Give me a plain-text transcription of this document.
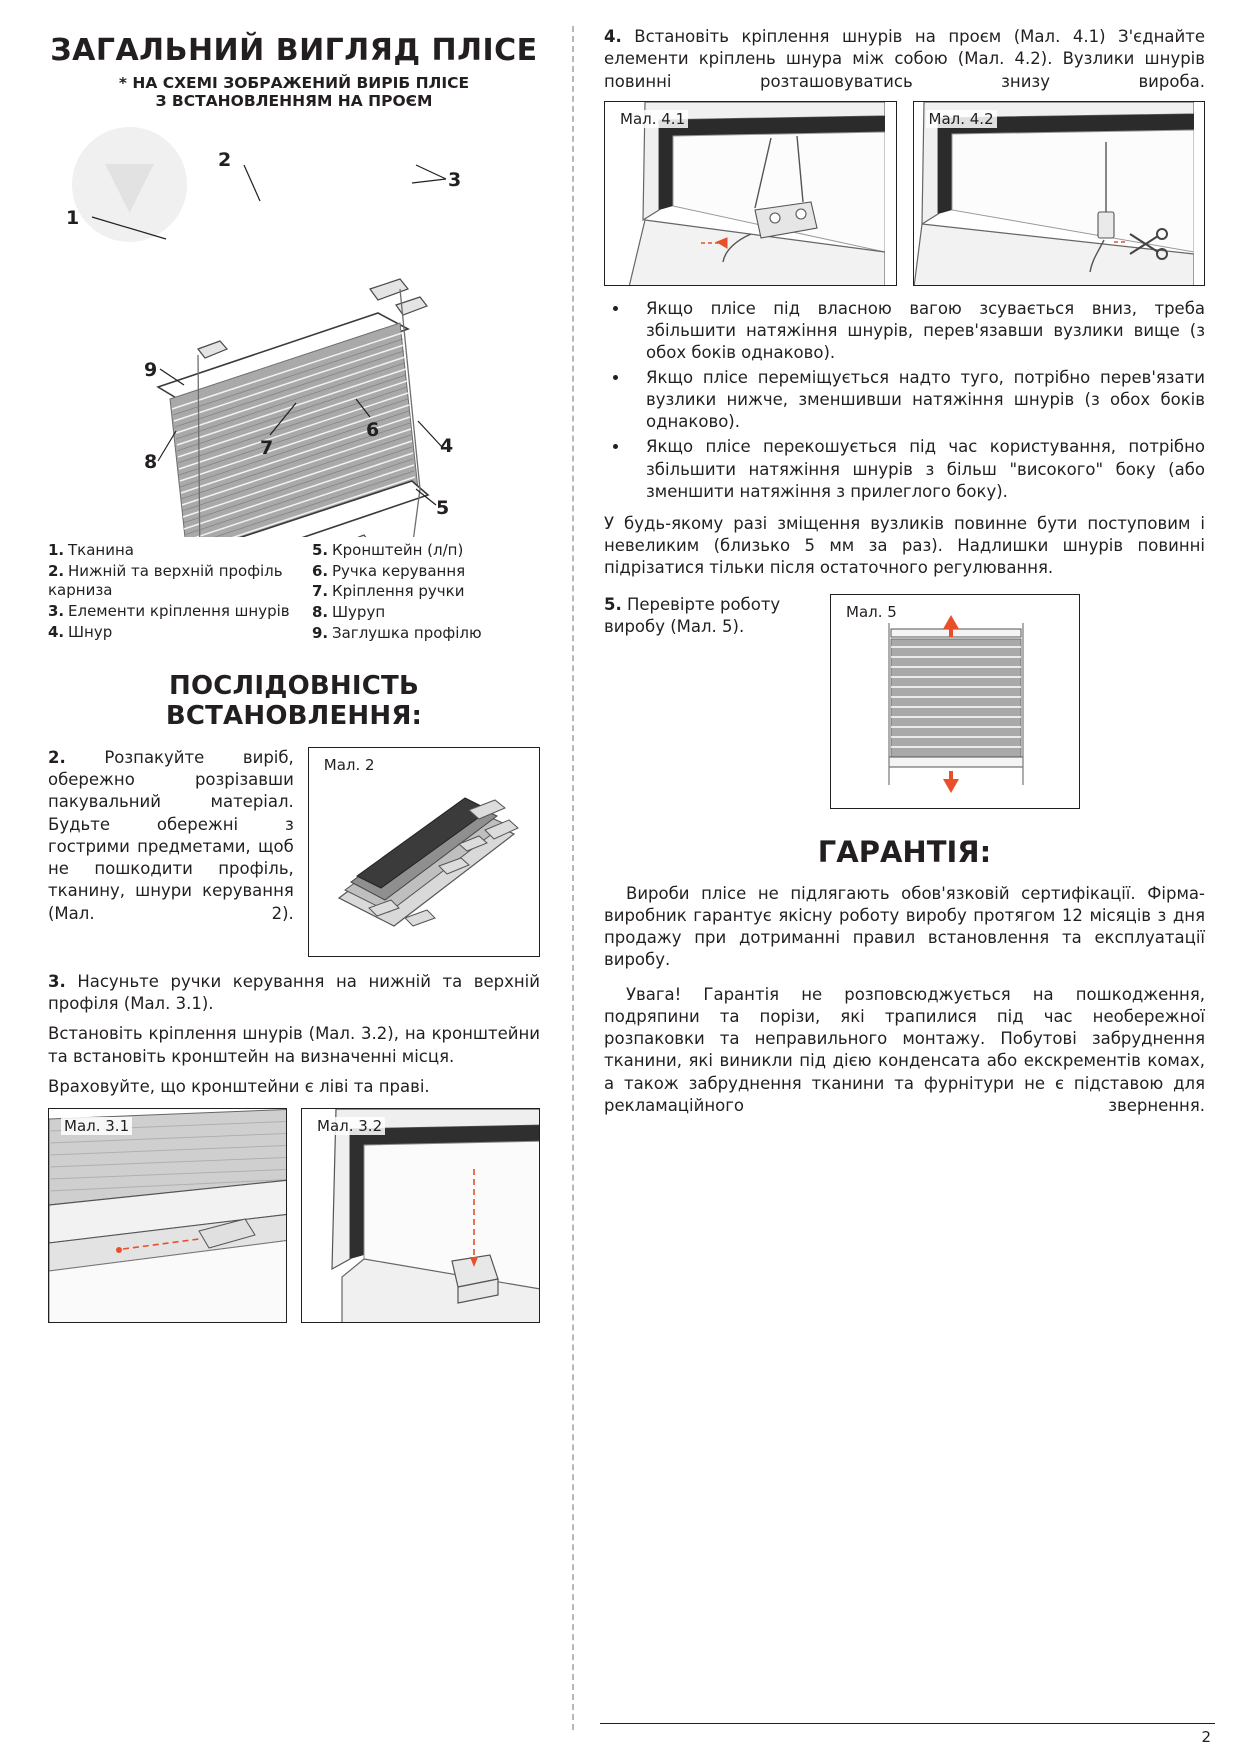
ЗАГАЛЬНИЙ ВИГЛЯД ПЛІСЕ
* НА СХЕМІ ЗОБРАЖЕНИЙ ВИРІБ ПЛІСЕ
З ВСТАНОВЛЕННЯМ НА ПРОЄМ
▼
1
2
3
4
5
6
7
8
9
1. Тканина
2. Нижній та верхній профіль карниза
3. Елементи кріплення шнурів
4. Шнур
5. Кронштейн (л/п)
6. Ручка керування
7. Кріплення ручки
8. Шуруп
9. Заглушка профілю
ПОСЛІДОВНІСТЬ ВСТАНОВЛЕННЯ:

2. Розпакуйте виріб, обережно розрізавши пакувальний матеріал. Будьте обережні з гострими предметами, щоб не пошкодити профіль, тканину, шнури керування (Мал. 2).

Мал. 2

3. Насуньте ручки керування на нижній та верхній профіля (Мал. 3.1).

Встановіть кріплення шнурів (Мал. 3.2), на кронштейни та встановіть кронштейн на визначенні місця.

Враховуйте, що кронштейни є ліві та праві.

Мал. 3.1	Мал. 3.2

4. Встановіть кріплення шнурів на проєм (Мал. 4.1) З'єднайте елементи кріплень шнура між собою (Мал. 4.2). Вузлики шнурів повинні розташовуватись знизу виробa.

Мал. 4.1	Мал. 4.2
• Якщо пліcе під власною вагою зсувається вниз, треба збільшити натяжіння шнурів, перев'язавши вузлики вище (з обох боків однаково).
• Якщо пліcе переміщується надто туго, потрібно перев'язати вузлики нижче, зменшивши натяжіння шнурів (з обох боків однаково).
• Якщо пліcе перекошується під час користування, потрібно збільшити натяжіння шнурів з більш "високого" боку (або зменшити натяжіння з прилеглого боку).

У будь-якому разі зміщення вузликів повинне бути поступовим і невеликим (близько 5 мм за раз). Надлишки шнурів повинні підрізатися тільки після остаточного регулювання.

5. Перевірте роботу виробу (Мал. 5).
Мал. 5
ГАРАНТІЯ:

Вироби пліcе не підлягають обов'язковій сертифікації. Фірма-виробник гарантує якісну роботу виробу протягом 12 місяців з дня продажу при дотриманні правил встановлення та експлуатації виробу.

Увага! Гарантія не розповсюджується на пошкодження, подряпини та порізи, які трапилися під час необережної розпаковки та неправильного монтажу. Побутові забруднення тканини, які виникли під дією конденсата або екскрементів комах, а також забруднення тканини та фурнітури не є підставою для рекламаційного звернення.

2
